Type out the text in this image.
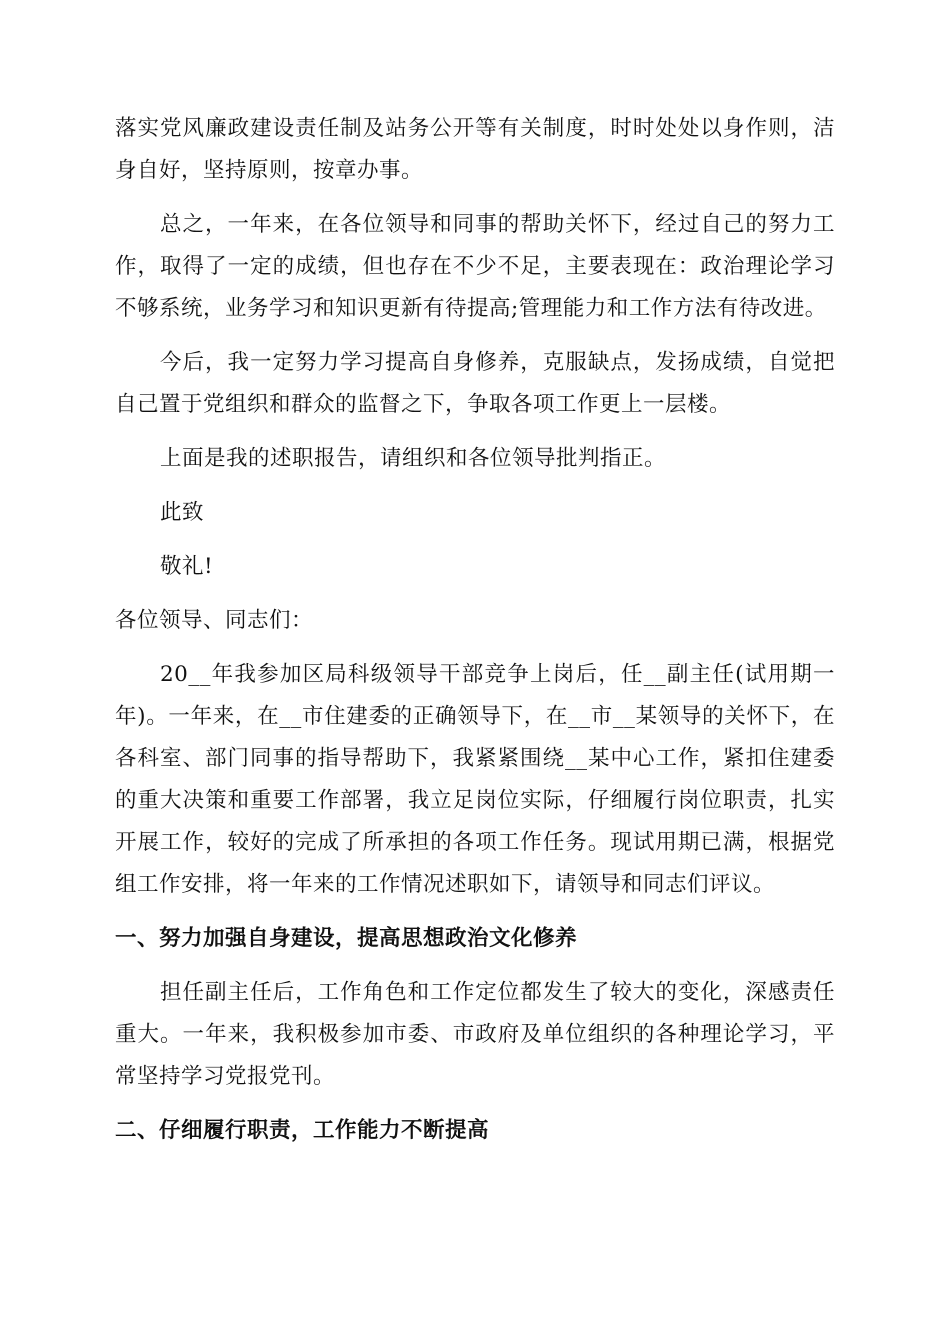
落实党风廉政建设责任制及站务公开等有关制度，时时处处以身作则，洁身自好，坚持原则，按章办事。

总之，一年来，在各位领导和同事的帮助关怀下，经过自己的努力工作，取得了一定的成绩，但也存在不少不足，主要表现在：政治理论学习不够系统，业务学习和知识更新有待提高;管理能力和工作方法有待改进。

今后，我一定努力学习提高自身修养，克服缺点，发扬成绩，自觉把自己置于党组织和群众的监督之下，争取各项工作更上一层楼。

上面是我的述职报告，请组织和各位领导批判指正。

此致

敬礼!

各位领导、同志们：

20__年我参加区局科级领导干部竞争上岗后，任__副主任(试用期一年)。一年来，在__市住建委的正确领导下，在__市__某领导的关怀下，在各科室、部门同事的指导帮助下，我紧紧围绕__某中心工作，紧扣住建委的重大决策和重要工作部署，我立足岗位实际，仔细履行岗位职责，扎实开展工作，较好的完成了所承担的各项工作任务。现试用期已满，根据党组工作安排，将一年来的工作情况述职如下，请领导和同志们评议。

一、努力加强自身建设，提高思想政治文化修养

担任副主任后，工作角色和工作定位都发生了较大的变化，深感责任重大。一年来，我积极参加市委、市政府及单位组织的各种理论学习，平常坚持学习党报党刊。

二、仔细履行职责，工作能力不断提高
